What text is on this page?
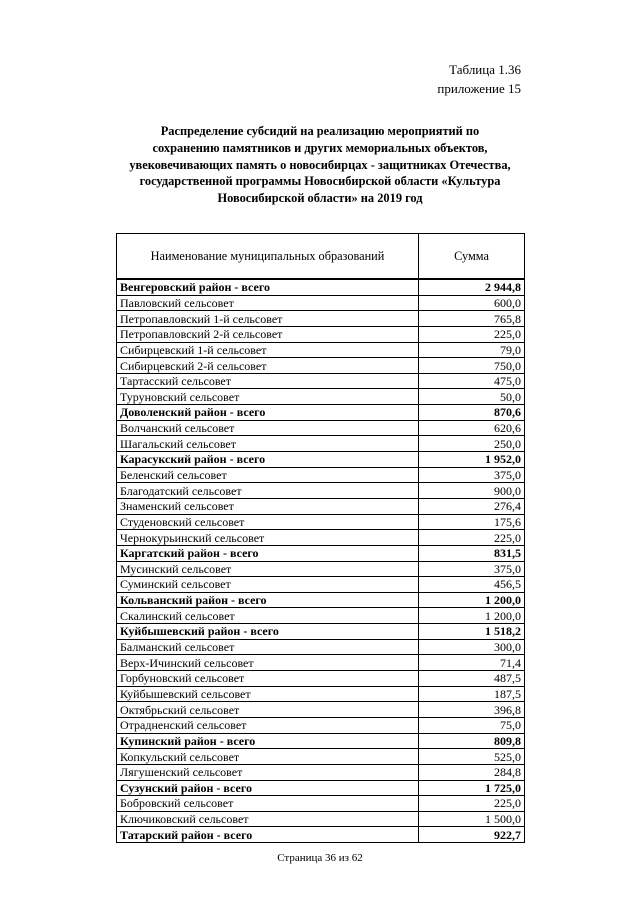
Таблица 1.36
приложение 15
Распределение субсидий на реализацию мероприятий по
сохранению памятников и других мемориальных объектов,
увековечивающих память о новосибирцах - защитниках Отечества,
государственной программы Новосибирской области «Культура
Новосибирской области» на 2019 год
Наименование муниципальных образований	Сумма
Венгеровский район - всего	2 944,8
Павловский сельсовет	600,0
Петропавловский 1-й сельсовет	765,8
Петропавловский 2-й сельсовет	225,0
Сибирцевский 1-й сельсовет	79,0
Сибирцевский 2-й сельсовет	750,0
Тартасский сельсовет	475,0
Туруновский сельсовет	50,0
Доволенский район - всего	870,6
Волчанский сельсовет	620,6
Шагальский сельсовет	250,0
Карасукский район - всего	1 952,0
Беленский сельсовет	375,0
Благодатский сельсовет	900,0
Знаменский сельсовет	276,4
Студеновский сельсовет	175,6
Чернокурьинский сельсовет	225,0
Каргатский район - всего	831,5
Мусинский сельсовет	375,0
Суминский сельсовет	456,5
Кольванский район - всего	1 200,0
Скалинский сельсовет	1 200,0
Куйбышевский район - всего	1 518,2
Балманский сельсовет	300,0
Верх-Ичинский сельсовет	71,4
Горбуновский сельсовет	487,5
Куйбышевский сельсовет	187,5
Октябрьский сельсовет	396,8
Отрадненский сельсовет	75,0
Купинский район - всего	809,8
Копкульский сельсовет	525,0
Лягушенский сельсовет	284,8
Сузунский район - всего	1 725,0
Бобровский сельсовет	225,0
Ключиковский сельсовет	1 500,0
Татарский район - всего	922,7
Страница 36 из 62
